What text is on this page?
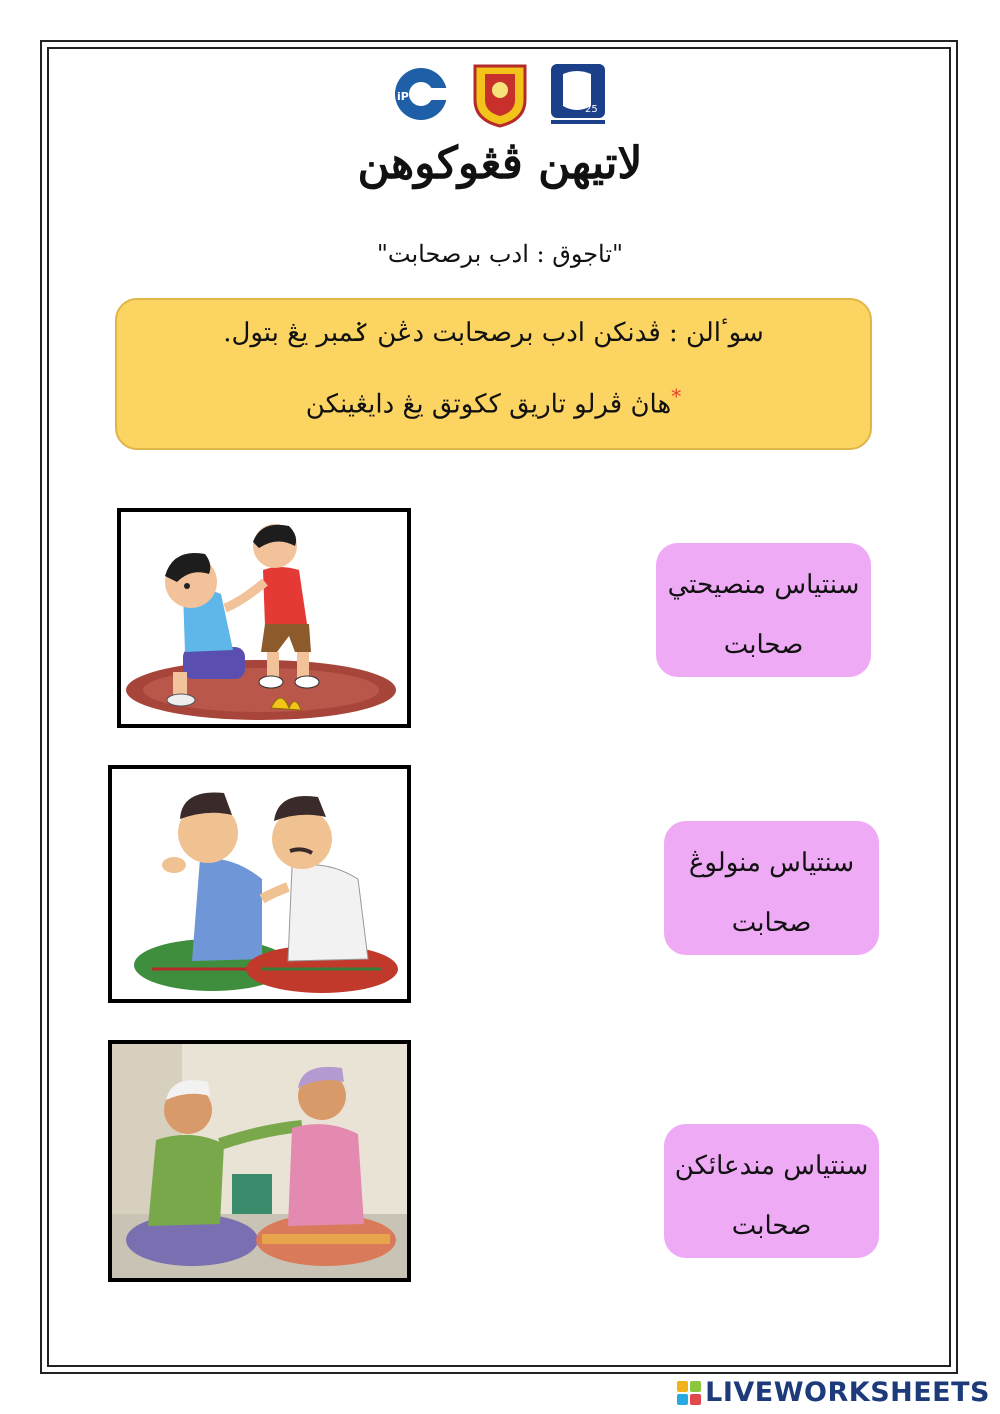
iPG
25
لاتيهن ڤڠوكوهن
"تاجوق : ادب برصحابت"
سوٴالن : ڤدنكن ادب برصحابت دڠن ݢمبر يڠ بتول.
*هاڽ ڤرلو تاريق ككوتق يڠ دايڠينكن
سنتياس منصيحتي
صحابت
سنتياس منولوڠ
صحابت
سنتياس مندعائكن
صحابت
LIVEWORKSHEETS
